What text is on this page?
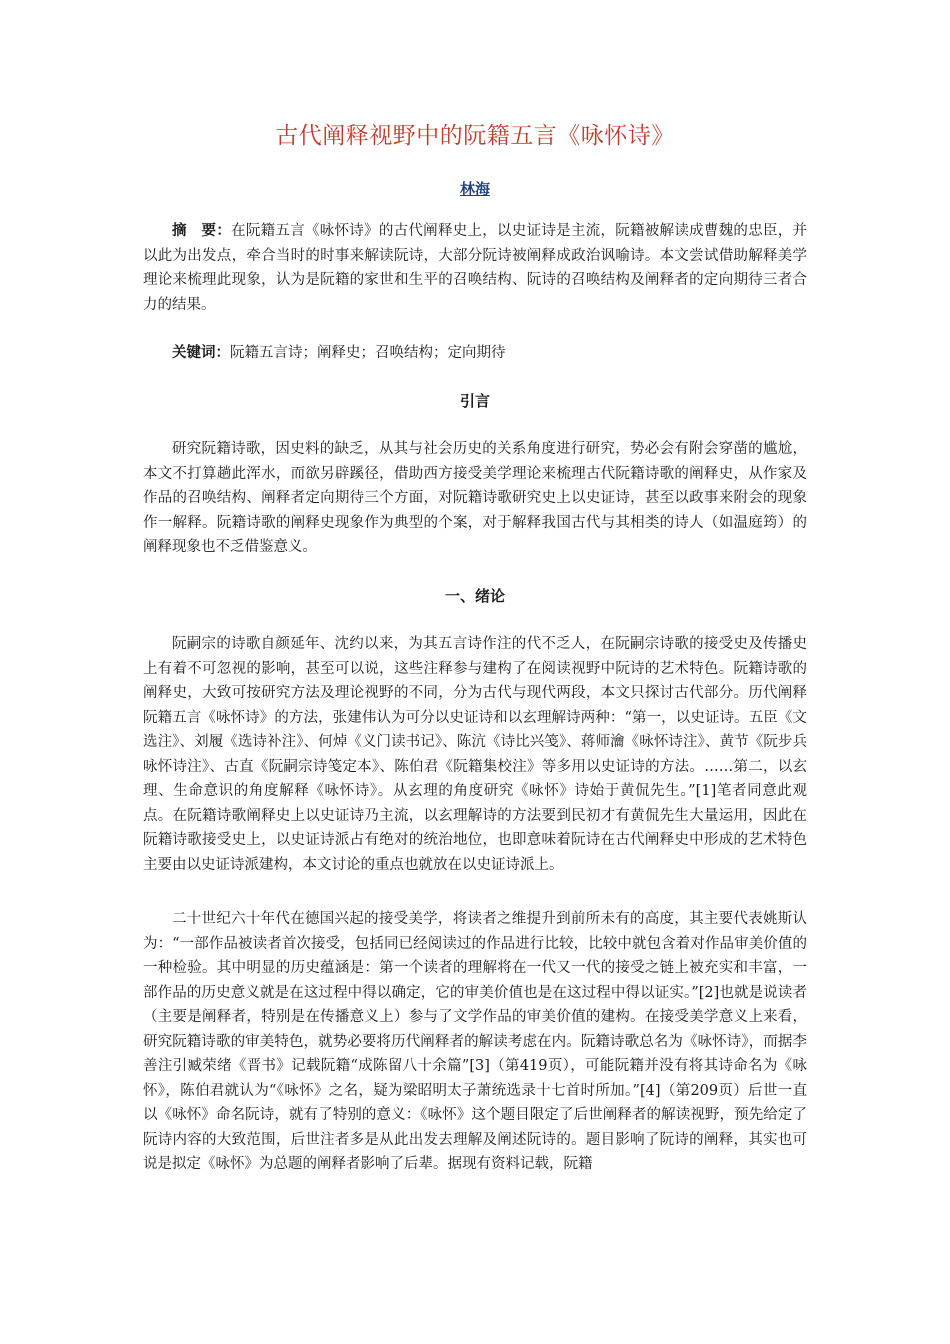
古代阐释视野中的阮籍五言《咏怀诗》
林海
摘　要：在阮籍五言《咏怀诗》的古代阐释史上，以史证诗是主流，阮籍被解读成曹魏的忠臣，并以此为出发点，牵合当时的时事来解读阮诗，大部分阮诗被阐释成政治讽喻诗。本文尝试借助解释美学理论来梳理此现象，认为是阮籍的家世和生平的召唤结构、阮诗的召唤结构及阐释者的定向期待三者合力的结果。
关键词：阮籍五言诗；阐释史；召唤结构；定向期待
引言
研究阮籍诗歌，因史料的缺乏，从其与社会历史的关系角度进行研究，势必会有附会穿凿的尴尬，本文不打算趟此浑水，而欲另辟蹊径，借助西方接受美学理论来梳理古代阮籍诗歌的阐释史，从作家及作品的召唤结构、阐释者定向期待三个方面，对阮籍诗歌研究史上以史证诗，甚至以政事来附会的现象作一解释。阮籍诗歌的阐释史现象作为典型的个案，对于解释我国古代与其相类的诗人（如温庭筠）的阐释现象也不乏借鉴意义。
一、绪论
阮嗣宗的诗歌自颜延年、沈约以来，为其五言诗作注的代不乏人，在阮嗣宗诗歌的接受史及传播史上有着不可忽视的影响，甚至可以说，这些注释参与建构了在阅读视野中阮诗的艺术特色。阮籍诗歌的阐释史，大致可按研究方法及理论视野的不同，分为古代与现代两段，本文只探讨古代部分。历代阐释阮籍五言《咏怀诗》的方法，张建伟认为可分以史证诗和以玄理解诗两种：“第一，以史证诗。五臣《文选注》、刘履《选诗补注》、何焯《义门读书记》、陈沆《诗比兴笺》、蒋师瀹《咏怀诗注》、黄节《阮步兵咏怀诗注》、古直《阮嗣宗诗笺定本》、陈伯君《阮籍集校注》等多用以史证诗的方法。……第二，以玄理、生命意识的角度解释《咏怀诗》。从玄理的角度研究《咏怀》诗始于黄侃先生。”[1]笔者同意此观点。在阮籍诗歌阐释史上以史证诗乃主流，以玄理解诗的方法要到民初才有黄侃先生大量运用，因此在阮籍诗歌接受史上，以史证诗派占有绝对的统治地位，也即意味着阮诗在古代阐释史中形成的艺术特色主要由以史证诗派建构，本文讨论的重点也就放在以史证诗派上。
二十世纪六十年代在德国兴起的接受美学，将读者之维提升到前所未有的高度，其主要代表姚斯认为：“一部作品被读者首次接受，包括同已经阅读过的作品进行比较，比较中就包含着对作品审美价值的一种检验。其中明显的历史蕴涵是：第一个读者的理解将在一代又一代的接受之链上被充实和丰富，一部作品的历史意义就是在这过程中得以确定，它的审美价值也是在这过程中得以证实。”[2]也就是说读者（主要是阐释者，特别是在传播意义上）参与了文学作品的审美价值的建构。在接受美学意义上来看，研究阮籍诗歌的审美特色，就势必要将历代阐释者的解读考虑在内。阮籍诗歌总名为《咏怀诗》，而据李善注引臧荣绪《晋书》记载阮籍“成陈留八十余篇”[3]（第419页），可能阮籍并没有将其诗命名为《咏怀》，陈伯君就认为“《咏怀》之名，疑为梁昭明太子萧统选录十七首时所加。”[4]（第209页）后世一直以《咏怀》命名阮诗，就有了特别的意义：《咏怀》这个题目限定了后世阐释者的解读视野，预先给定了阮诗内容的大致范围，后世注者多是从此出发去理解及阐述阮诗的。题目影响了阮诗的阐释，其实也可说是拟定《咏怀》为总题的阐释者影响了后辈。据现有资料记载，阮籍
